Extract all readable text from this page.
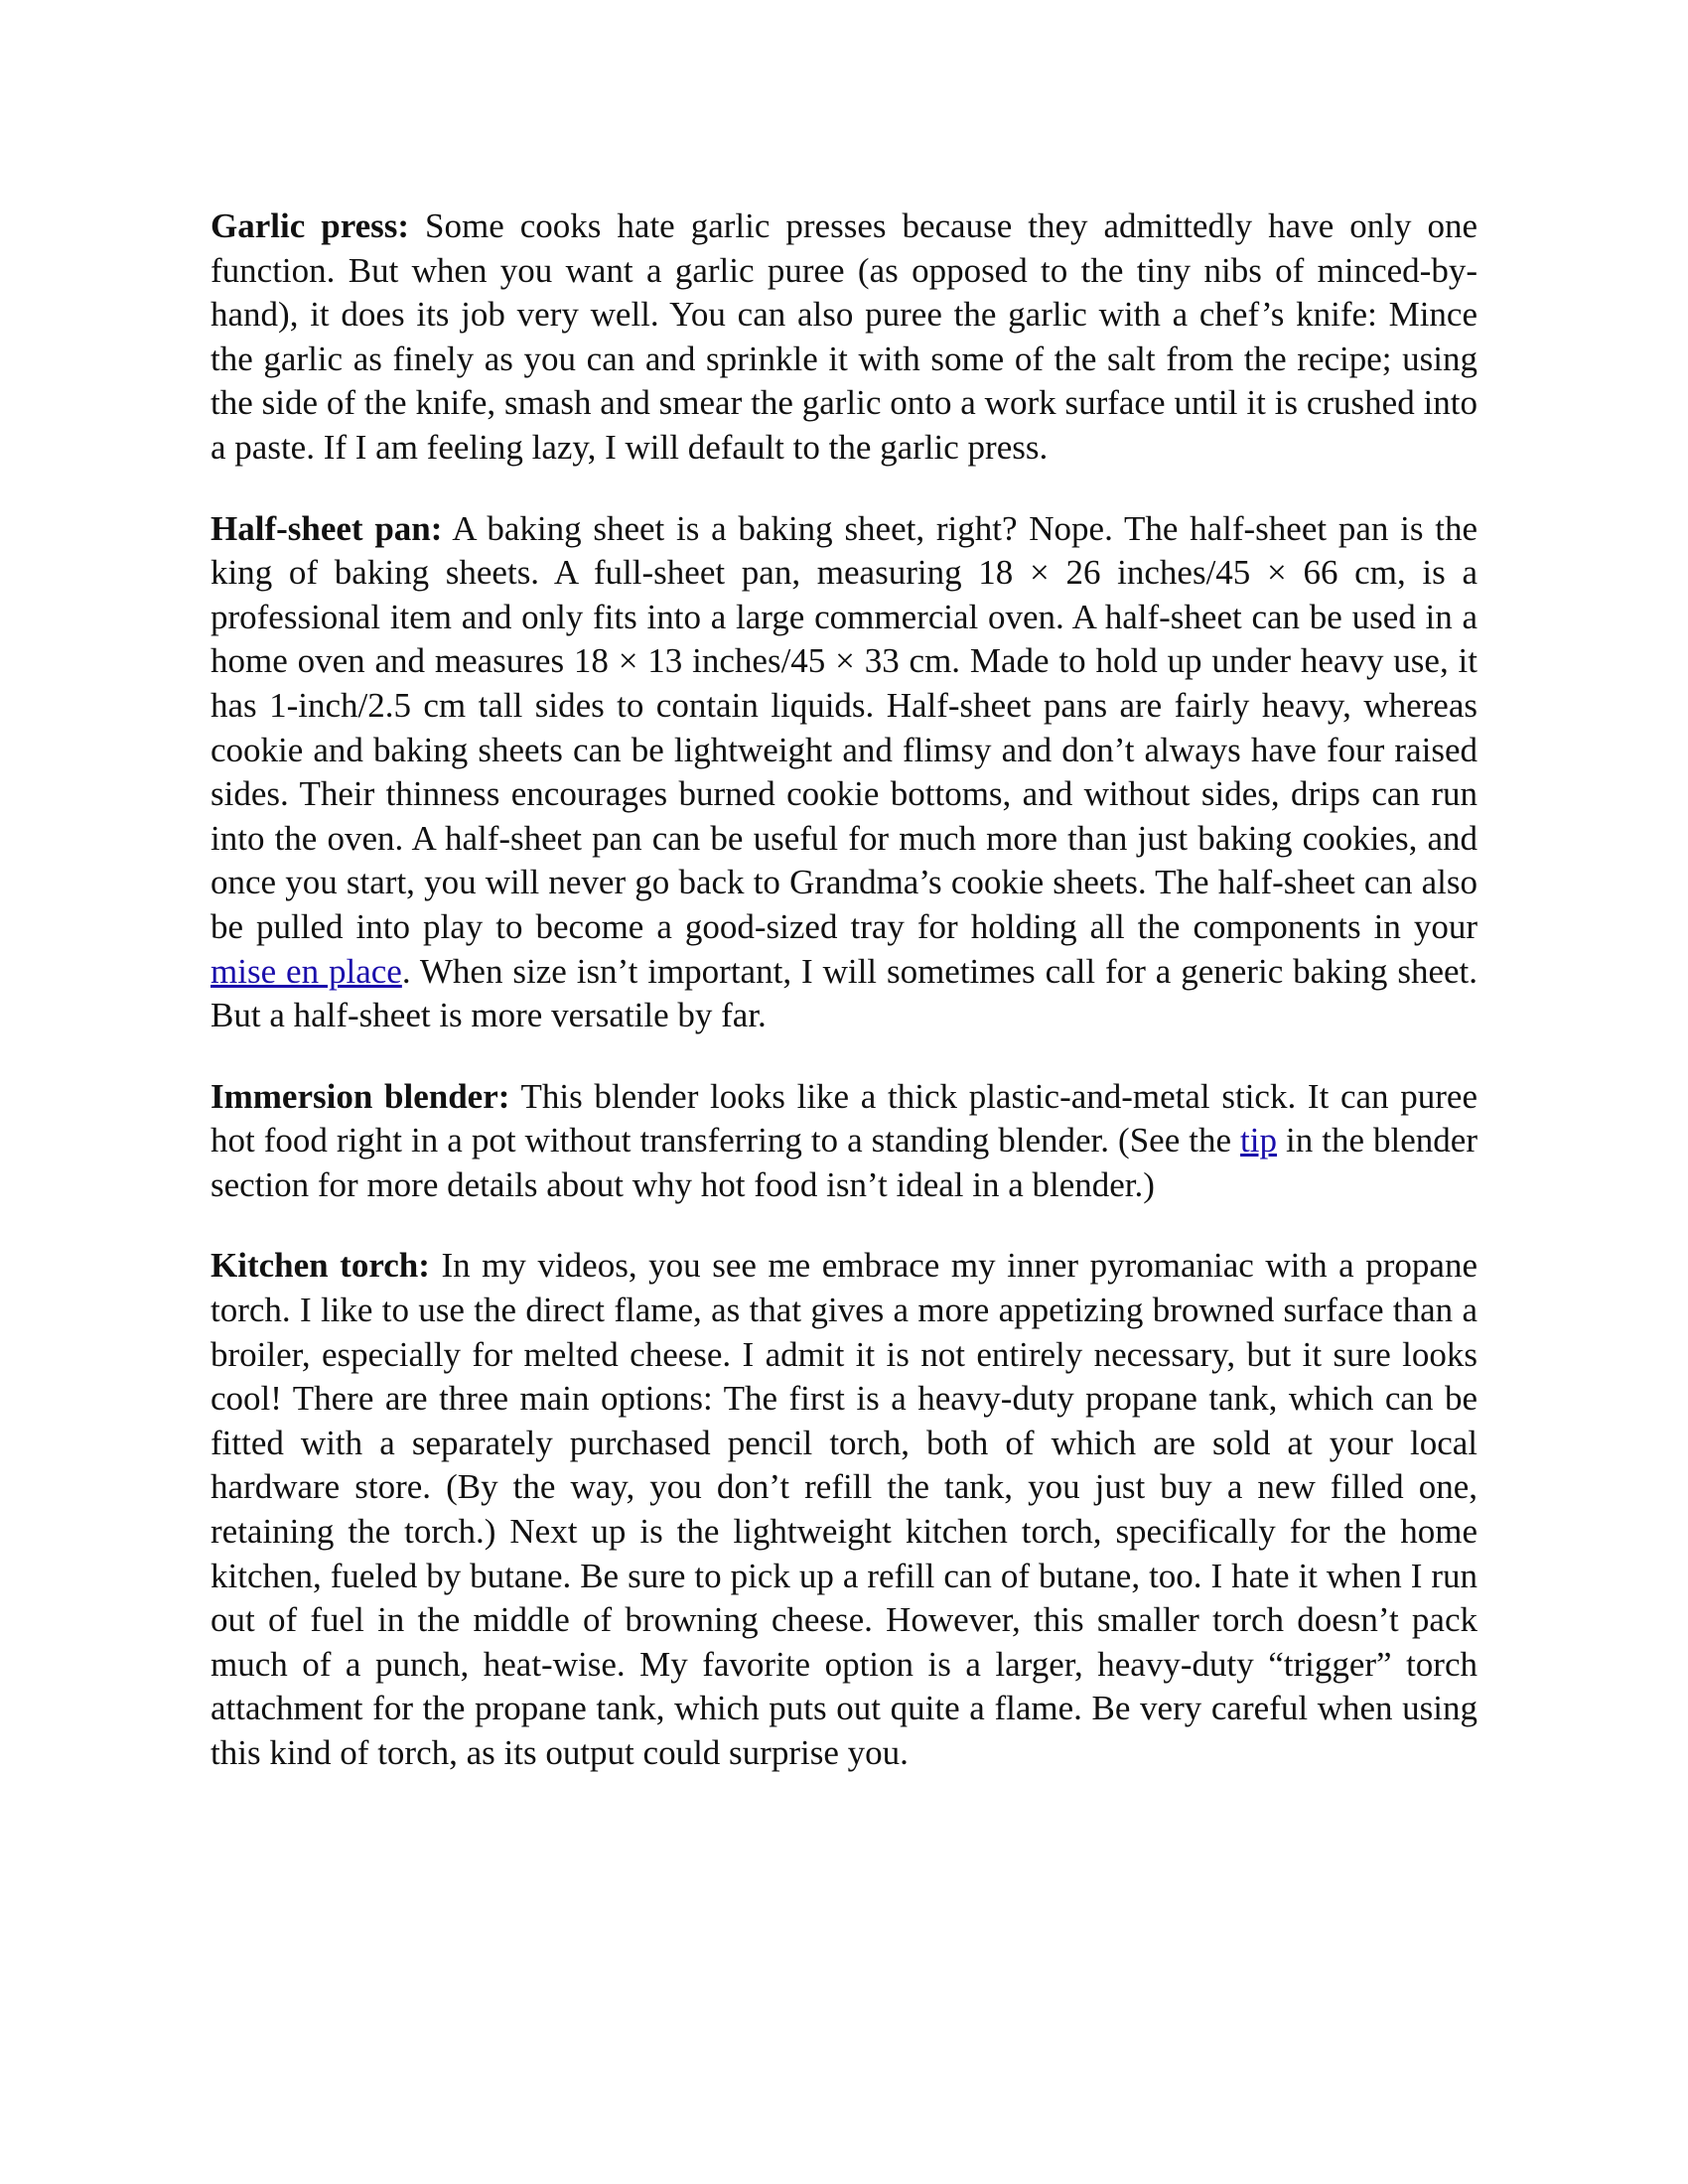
Garlic press: Some cooks hate garlic presses because they admittedly have only one function. But when you want a garlic puree (as opposed to the tiny nibs of minced-by-hand), it does its job very well. You can also puree the garlic with a chef’s knife: Mince the garlic as finely as you can and sprinkle it with some of the salt from the recipe; using the side of the knife, smash and smear the garlic onto a work surface until it is crushed into a paste. If I am feeling lazy, I will default to the garlic press.

Half-sheet pan: A baking sheet is a baking sheet, right? Nope. The half-sheet pan is the king of baking sheets. A full-sheet pan, measuring 18 × 26 inches/45 × 66 cm, is a professional item and only fits into a large commercial oven. A half-sheet can be used in a home oven and measures 18 × 13 inches/45 × 33 cm. Made to hold up under heavy use, it has 1-inch/2.5 cm tall sides to contain liquids. Half-sheet pans are fairly heavy, whereas cookie and baking sheets can be lightweight and flimsy and don’t always have four raised sides. Their thinness encourages burned cookie bottoms, and without sides, drips can run into the oven. A half-sheet pan can be useful for much more than just baking cookies, and once you start, you will never go back to Grandma’s cookie sheets. The half-sheet can also be pulled into play to become a good-sized tray for holding all the components in your mise en place. When size isn’t important, I will sometimes call for a generic baking sheet. But a half-sheet is more versatile by far.

Immersion blender: This blender looks like a thick plastic-and-metal stick. It can puree hot food right in a pot without transferring to a standing blender. (See the tip in the blender section for more details about why hot food isn’t ideal in a blender.)

Kitchen torch: In my videos, you see me embrace my inner pyromaniac with a propane torch. I like to use the direct flame, as that gives a more appetizing browned surface than a broiler, especially for melted cheese. I admit it is not entirely necessary, but it sure looks cool! There are three main options: The first is a heavy-duty propane tank, which can be fitted with a separately purchased pencil torch, both of which are sold at your local hardware store. (By the way, you don’t refill the tank, you just buy a new filled one, retaining the torch.) Next up is the lightweight kitchen torch, specifically for the home kitchen, fueled by butane. Be sure to pick up a refill can of butane, too. I hate it when I run out of fuel in the middle of browning cheese. However, this smaller torch doesn’t pack much of a punch, heat-wise. My favorite option is a larger, heavy-duty “trigger” torch attachment for the propane tank, which puts out quite a flame. Be very careful when using this kind of torch, as its output could surprise you.
